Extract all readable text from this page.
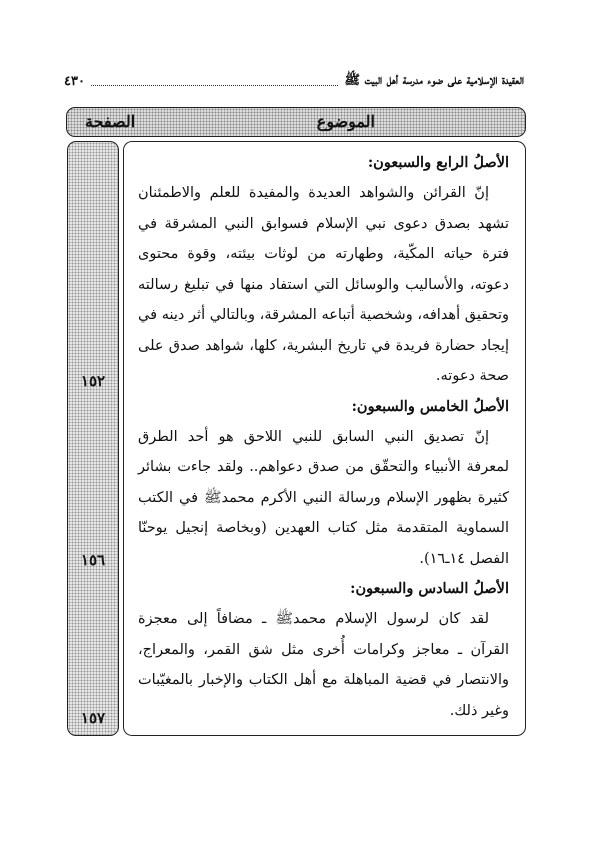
العقيدة الإسلامية على ضوء مدرسة أهل البيت ﷺ
٤٣٠
الموضوع
الصفحة
١٥٢
١٥٦
١٥٧
الأصلُ الرابع والسبعون:

إنّ القرائن والشواهد العديدة والمفيدة للعلم والاطمئنان تشهد بصدق دعوى نبي الإسلام فسوابق النبي المشرقة في فترة حياته المكّية، وطهارته من لوثات بيئته، وقوة محتوى دعوته، والأساليب والوسائل التي استفاد منها في تبليغ رسالته وتحقيق أهدافه، وشخصية أتباعه المشرقة، وبالتالي أثر دينه في إيجاد حضارة فريدة في تاريخ البشرية، كلها، شواهد صدق على صحة دعوته.

الأصلُ الخامس والسبعون:

إنّ تصديق النبي السابق للنبي اللاحق هو أحد الطرق لمعرفة الأنبياء والتحقّق من صدق دعواهم.. ولقد جاءت بشائر كثيرة بظهور الإسلام ورسالة النبي الأكرم محمدﷺ في الكتب السماوية المتقدمة مثل كتاب العهدين (وبخاصة إنجيل يوحنّا الفصل ١٤ـ١٦).

الأصلُ السادس والسبعون:

لقد كان لرسول الإسلام محمدﷺ ـ مضافاً إلى معجزة القرآن ـ معاجز وكرامات أُخرى مثل شق القمر، والمعراج، والانتصار في قضية المباهلة مع أهل الكتاب والإخبار بالمغيّبات وغير ذلك.
